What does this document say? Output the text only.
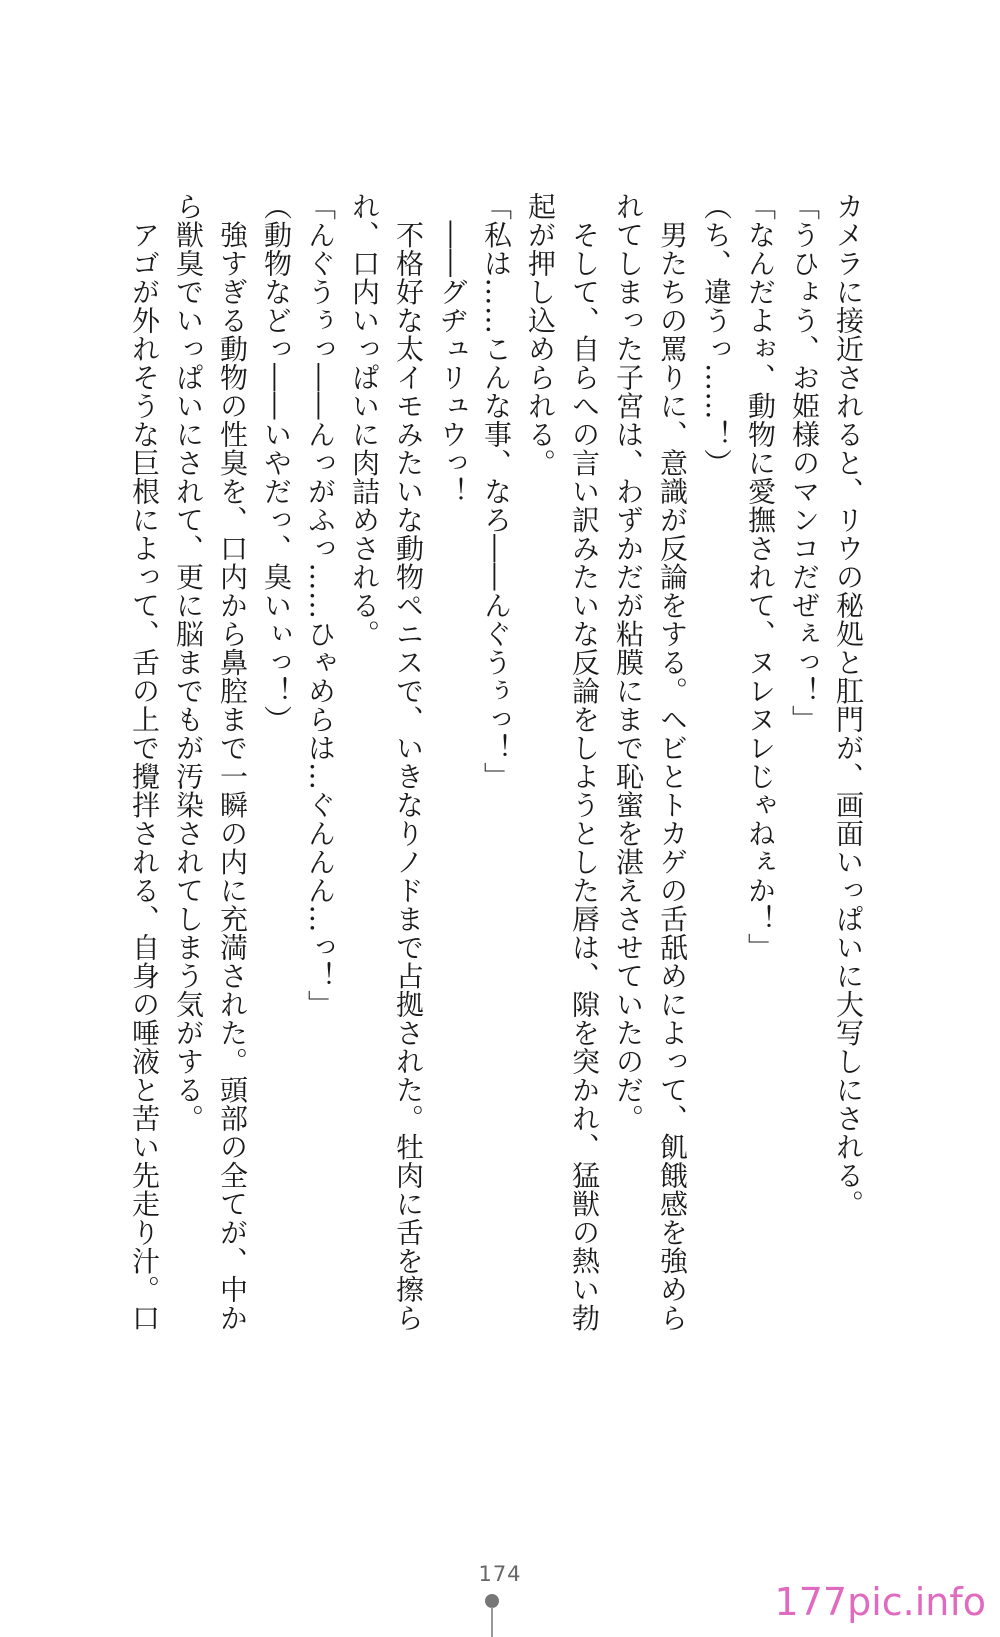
カメラに接近されると、リウの秘処と肛門が、画面いっぱいに大写しにされる。
「うひょう、お姫様のマンコだぜぇっ！」
「なんだよぉ、動物に愛撫されて、ヌレヌレじゃねぇか！」
（ち、違うっ……！）
　男たちの罵りに、意識が反論をする。ヘビとトカゲの舌舐めによって、飢餓感を強めら
れてしまった子宮は、わずかだが粘膜にまで恥蜜を湛えさせていたのだ。
　そして、自らへの言い訳みたいな反論をしようとした唇は、隙を突かれ、猛獣の熱い勃
起が押し込められる。
「私は……こんな事、なろ――んぐうぅっ！」
　――グヂュリュウっ！
　不格好な太イモみたいな動物ペニスで、いきなりノドまで占拠された。牡肉に舌を擦ら
れ、口内いっぱいに肉詰めされる。
「んぐうぅっ――んっがふっ……ひゃめらは…ぐんんん…っ！」
（動物などっ――いやだっ、臭いぃっ！）
　強すぎる動物の性臭を、口内から鼻腔まで一瞬の内に充満された。頭部の全てが、中か
ら獣臭でいっぱいにされて、更に脳までもが汚染されてしまう気がする。
　アゴが外れそうな巨根によって、舌の上で攪拌される、自身の唾液と苦い先走り汁。口
174
177pic.info
